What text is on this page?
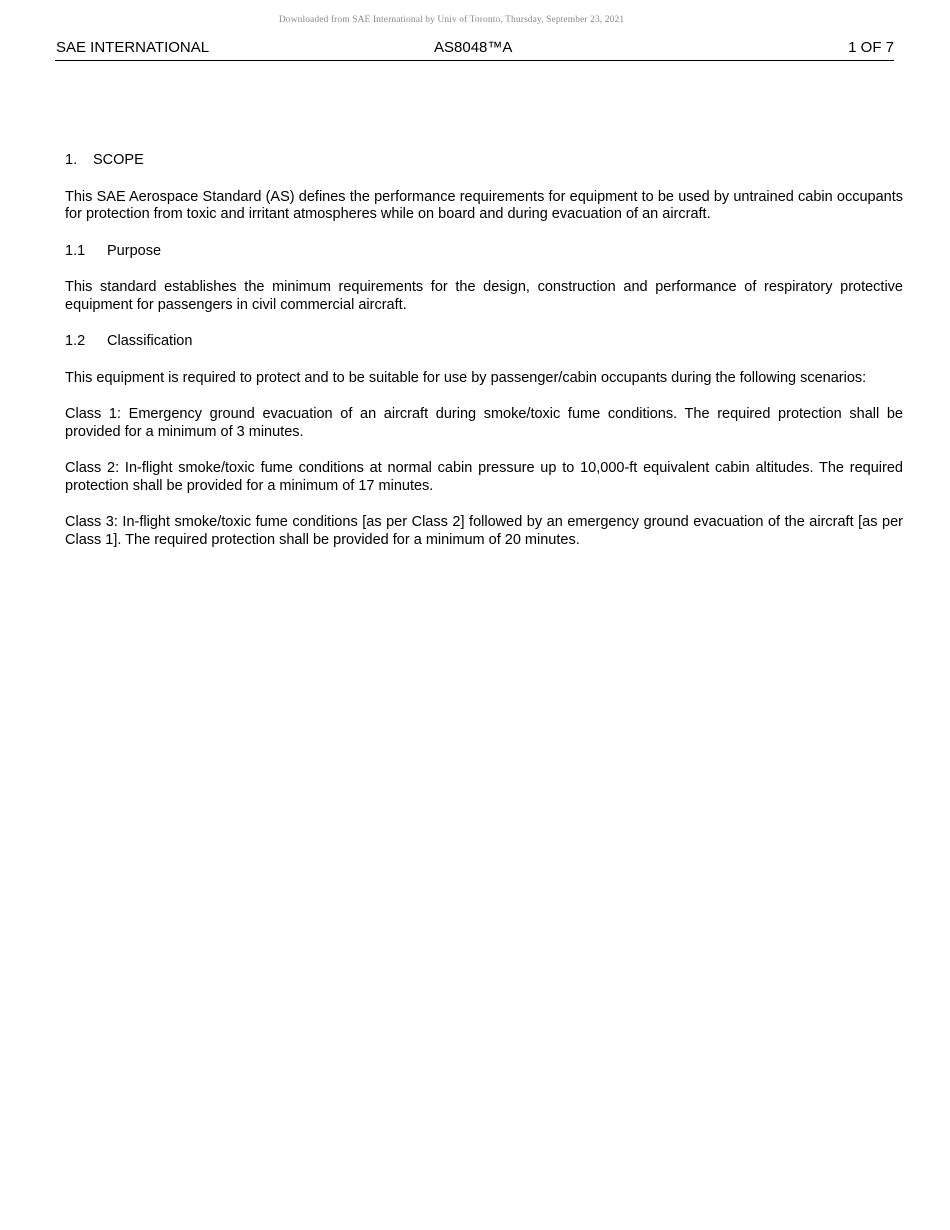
Downloaded from SAE International by Univ of Toronto, Thursday, September 23, 2021
SAE INTERNATIONAL	AS8048™A	1 OF 7
1. SCOPE

This SAE Aerospace Standard (AS) defines the performance requirements for equipment to be used by untrained cabin occupants for protection from toxic and irritant atmospheres while on board and during evacuation of an aircraft.

1.1 Purpose

This standard establishes the minimum requirements for the design, construction and performance of respiratory protective equipment for passengers in civil commercial aircraft.

1.2 Classification

This equipment is required to protect and to be suitable for use by passenger/cabin occupants during the following scenarios:

Class 1: Emergency ground evacuation of an aircraft during smoke/toxic fume conditions. The required protection shall be provided for a minimum of 3 minutes.

Class 2: In-flight smoke/toxic fume conditions at normal cabin pressure up to 10,000-ft equivalent cabin altitudes. The required protection shall be provided for a minimum of 17 minutes.

Class 3: In-flight smoke/toxic fume conditions [as per Class 2] followed by an emergency ground evacuation of the aircraft [as per Class 1]. The required protection shall be provided for a minimum of 20 minutes.
